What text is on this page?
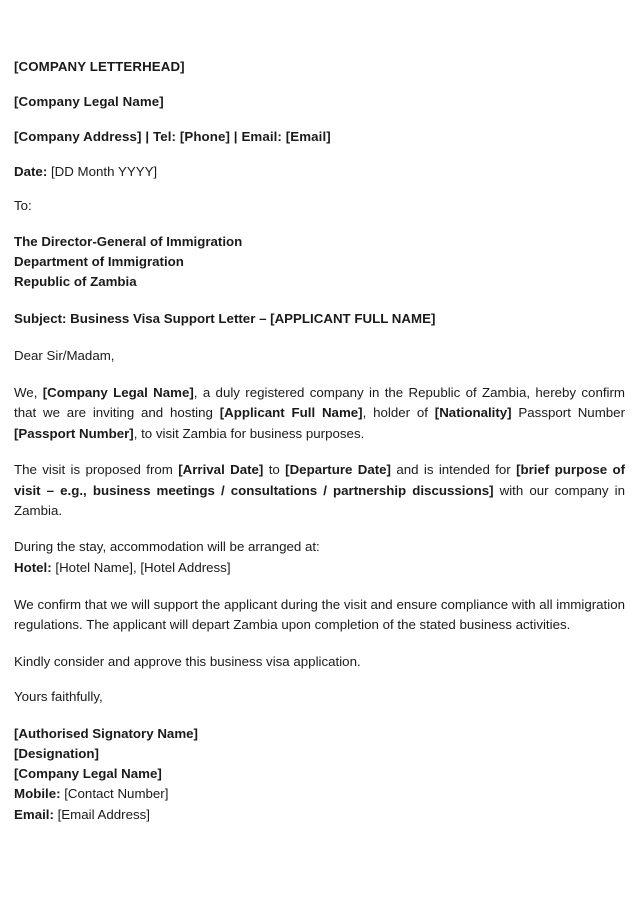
[COMPANY LETTERHEAD]
[Company Legal Name]
[Company Address] | Tel: [Phone] | Email: [Email]
Date: [DD Month YYYY]
To:
The Director-General of Immigration
Department of Immigration
Republic of Zambia
Subject: Business Visa Support Letter – [APPLICANT FULL NAME]
Dear Sir/Madam,
We, [Company Legal Name], a duly registered company in the Republic of Zambia, hereby confirm that we are inviting and hosting [Applicant Full Name], holder of [Nationality] Passport Number [Passport Number], to visit Zambia for business purposes.
The visit is proposed from [Arrival Date] to [Departure Date] and is intended for [brief purpose of visit – e.g., business meetings / consultations / partnership discussions] with our company in Zambia.
During the stay, accommodation will be arranged at:
Hotel: [Hotel Name], [Hotel Address]
We confirm that we will support the applicant during the visit and ensure compliance with all immigration regulations. The applicant will depart Zambia upon completion of the stated business activities.
Kindly consider and approve this business visa application.
Yours faithfully,
[Authorised Signatory Name]
[Designation]
[Company Legal Name]
Mobile: [Contact Number]
Email: [Email Address]
